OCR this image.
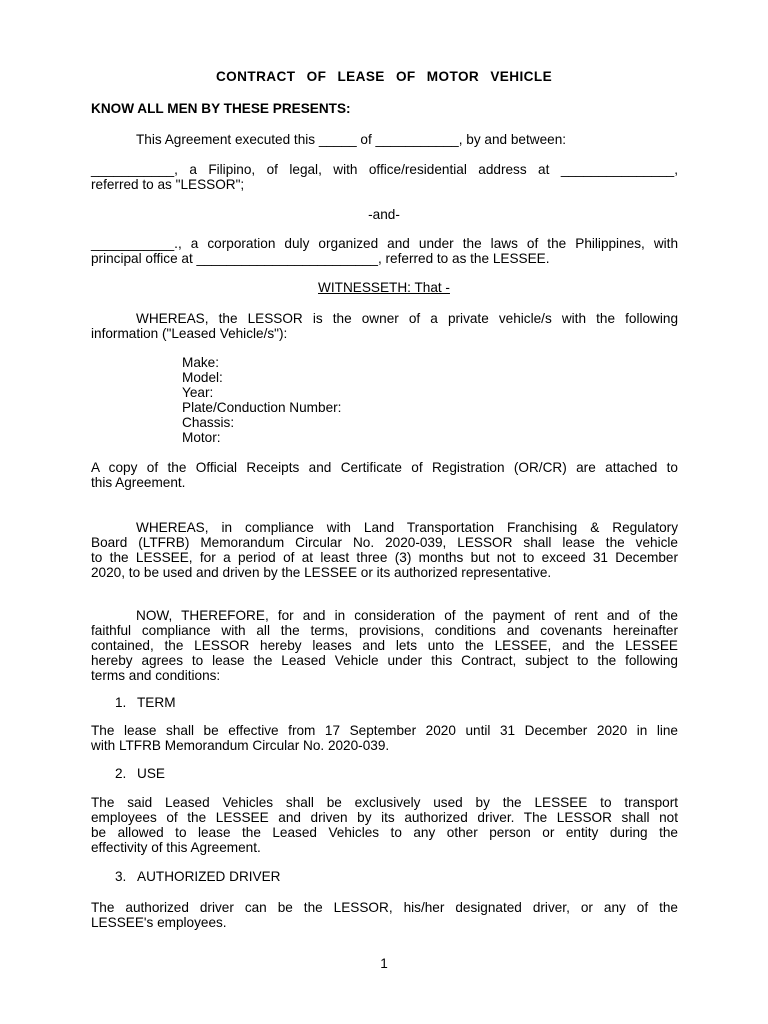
CONTRACT OF LEASE OF MOTOR VEHICLE
KNOW ALL MEN BY THESE PRESENTS:
This Agreement executed this _____ of ___________, by and between:
___________, a Filipino, of legal, with office/residential address at _______________,
referred to as "LESSOR";
-and-
___________., a corporation duly organized and under the laws of the Philippines, with
principal office at ________________________, referred to as the LESSEE.
WITNESSETH: That -
WHEREAS, the LESSOR is the owner of a private vehicle/s with the following
information ("Leased Vehicle/s"):
Make:
Model:
Year:
Plate/Conduction Number:
Chassis:
Motor:
A copy of the Official Receipts and Certificate of Registration (OR/CR) are attached to
this Agreement.
WHEREAS, in compliance with Land Transportation Franchising & Regulatory
Board (LTFRB) Memorandum Circular No. 2020-039, LESSOR shall lease the vehicle
to the LESSEE, for a period of at least three (3) months but not to exceed 31 December
2020, to be used and driven by the LESSEE or its authorized representative.
NOW, THEREFORE, for and in consideration of the payment of rent and of the
faithful compliance with all the terms, provisions, conditions and covenants hereinafter
contained, the LESSOR hereby leases and lets unto the LESSEE, and the LESSEE
hereby agrees to lease the Leased Vehicle under this Contract, subject to the following
terms and conditions:
1. TERM
The lease shall be effective from 17 September 2020 until 31 December 2020 in line
with LTFRB Memorandum Circular No. 2020-039.
2. USE
The said Leased Vehicles shall be exclusively used by the LESSEE to transport
employees of the LESSEE and driven by its authorized driver. The LESSOR shall not
be allowed to lease the Leased Vehicles to any other person or entity during the
effectivity of this Agreement.
3. AUTHORIZED DRIVER
The authorized driver can be the LESSOR, his/her designated driver, or any of the
LESSEE's employees.
1
